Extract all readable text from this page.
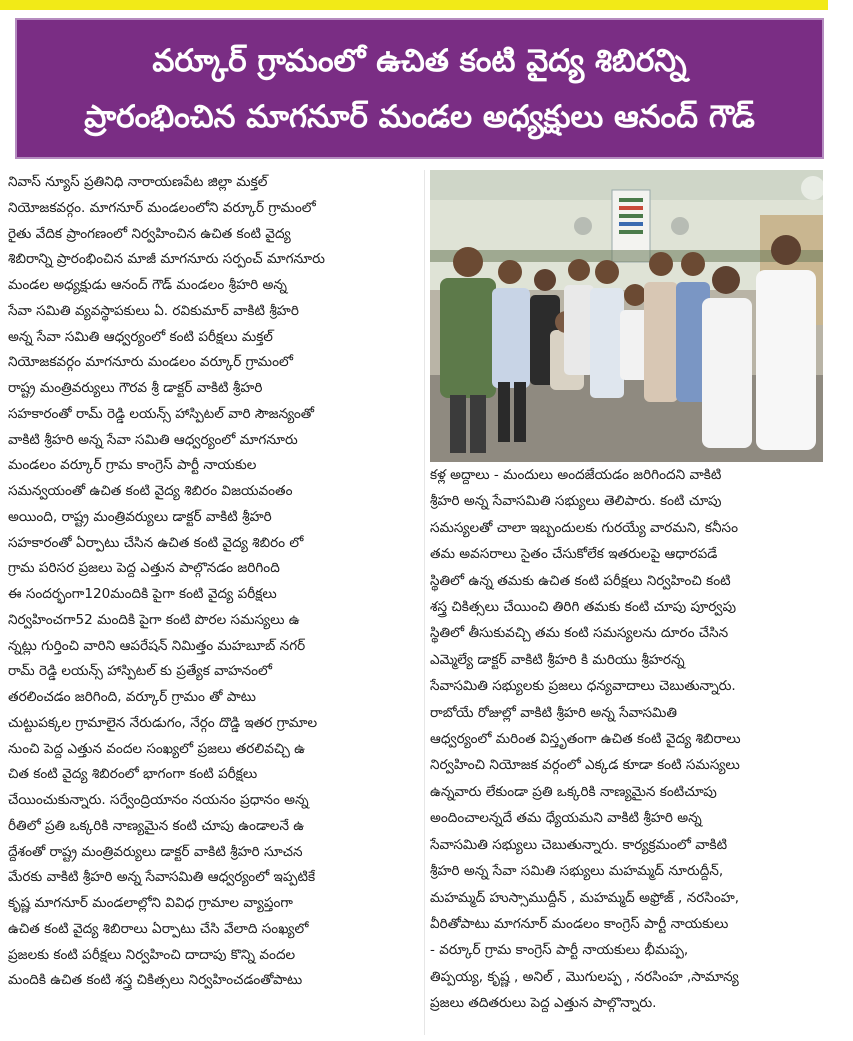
వర్కూర్ గ్రామంలో ఉచిత కంటి వైద్య శిబిరన్ని
ప్రారంభించిన మాగనూర్ మండల అధ్యక్షులు ఆనంద్ గౌడ్

నివాస్ న్యూస్ ప్రతినిధి నారాయణపేట జిల్లా మక్తల్

నియోజకవర్గం. మాగనూర్ మండలంలోని వర్కూర్ గ్రామంలో

రైతు వేదిక ప్రాంగణంలో నిర్వహించిన ఉచిత కంటి వైద్య

శిబిరాన్ని ప్రారంభించిన మాజీ మాగనూరు సర్పంచ్ మాగనూరు

మండల అధ్యక్షుడు ఆనంద్ గౌడ్ మండలం శ్రీహరి అన్న

సేవా సమితి వ్యవస్థాపకులు ఏ. రవికుమార్ వాకిటి శ్రీహరి

అన్న సేవా సమితి ఆధ్వర్యంలో కంటి పరీక్షలు మక్తల్

నియోజకవర్గం మాగనూరు మండలం వర్కూర్ గ్రామంలో

రాష్ట్ర మంత్రివర్యులు గౌరవ శ్రీ డాక్టర్ వాకిటి శ్రీహరి

సహకారంతో రామ్ రెడ్డి లయన్స్ హాస్పిటల్ వారి సౌజన్యంతో

వాకిటి శ్రీహరి అన్న సేవా సమితి ఆధ్వర్యంలో మాగనూరు

మండలం వర్కూర్ గ్రామ కాంగ్రెస్ పార్టీ నాయకుల

సమన్వయంతో ఉచిత కంటి వైద్య శిబిరం విజయవంతం

అయింది, రాష్ట్ర మంత్రివర్యులు డాక్టర్ వాకిటి శ్రీహరి

సహకారంతో ఏర్పాటు చేసిన ఉచిత కంటి వైద్య శిబిరం లో

గ్రామ పరిసర ప్రజలు పెద్ద ఎత్తున పాల్గొనడం జరిగింది

ఈ సందర్భంగా120మందికి పైగా కంటి వైద్య పరీక్షలు

నిర్వహించగా52 మందికి పైగా కంటి పొరల సమస్యలు ఉ

న్నట్లు గుర్తించి వారిని ఆపరేషన్ నిమిత్తం మహబూబ్ నగర్

రామ్ రెడ్డి లయన్స్ హాస్పిటల్ కు ప్రత్యేక వాహనంలో

తరలించడం జరిగింది, వర్కూర్ గ్రామం తో పాటు

చుట్టుపక్కల గ్రామాలైన నేరుడుగం, నేర్గం దొడ్డి ఇతర గ్రామాల

నుంచి పెద్ద ఎత్తున వందల సంఖ్యలో ప్రజలు తరలివచ్చి ఉ

చిత కంటి వైద్య శిబిరంలో భాగంగా కంటి పరీక్షలు

చేయించుకున్నారు. సర్వేంద్రియానం నయనం ప్రధానం అన్న

రీతిలో ప్రతి ఒక్కరికి నాణ్యమైన కంటి చూపు ఉండాలనే ఉ

ద్దేశంతో రాష్ట్ర మంత్రివర్యులు డాక్టర్ వాకిటి శ్రీహరి సూచన

మేరకు వాకిటి శ్రీహరి అన్న సేవాసమితి ఆధ్వర్యంలో ఇప్పటికే

కృష్ణ మాగనూర్ మండలాల్లోని వివిధ గ్రామాల వ్యాప్తంగా

ఉచిత కంటి వైద్య శిబిరాలు ఏర్పాటు చేసి వేలాది సంఖ్యలో

ప్రజలకు కంటి పరీక్షలు నిర్వహించి దాదాపు కొన్ని వందల

మందికి ఉచిత కంటి శస్త్ర చికిత్సలు నిర్వహించడంతోపాటు

కళ్ల అద్దాలు - మందులు అందజేయడం జరిగిందని వాకిటి

శ్రీహరి అన్న సేవాసమితి సభ్యులు తెలిపారు. కంటి చూపు

సమస్యలతో చాలా ఇబ్బందులకు గురయ్యే వారమని, కనీసం

తమ అవసరాలు సైతం చేసుకోలేక ఇతరులపై ఆధారపడే

స్థితిలో ఉన్న తమకు ఉచిత కంటి పరీక్షలు నిర్వహించి కంటి

శస్త్ర చికిత్సలు చేయించి తిరిగి తమకు కంటి చూపు పూర్వపు

స్థితిలో తీసుకువచ్చి తమ కంటి సమస్యలను దూరం చేసిన

ఎమ్మెల్యే డాక్టర్ వాకిటి శ్రీహరి కి మరియు శ్రీహరన్న

సేవాసమితి సభ్యులకు ప్రజలు ధన్యవాదాలు చెబుతున్నారు.

రాబోయే రోజుల్లో వాకిటి శ్రీహరి అన్న సేవాసమితి

ఆధ్వర్యంలో మరింత విస్తృతంగా ఉచిత కంటి వైద్య శిబిరాలు

నిర్వహించి నియోజక వర్గంలో ఎక్కడ కూడా కంటి సమస్యలు

ఉన్నవారు లేకుండా ప్రతి ఒక్కరికి నాణ్యమైన కంటిచూపు

అందించాలన్నదే తమ ధ్యేయమని వాకిటి శ్రీహరి అన్న

సేవాసమితి సభ్యులు చెబుతున్నారు. కార్యక్రమంలో వాకిటి

శ్రీహరి అన్న సేవా సమితి సభ్యులు మహమ్మద్ నూరుద్దీన్,

మహమ్మద్ హుస్సాముద్దీన్ , మహమ్మద్ అఫ్రోజ్ , నరసింహ,

వీరితోపాటు మాగనూర్ మండలం కాంగ్రెస్ పార్టీ నాయకులు

- వర్కూర్ గ్రామ కాంగ్రెస్ పార్టీ నాయకులు భీమప్ప,

తిప్పయ్య, కృష్ణ , అనిల్ , మొగులప్ప , నరసింహ ,సామాన్య

ప్రజలు తదితరులు పెద్ద ఎత్తున పాల్గొన్నారు.
